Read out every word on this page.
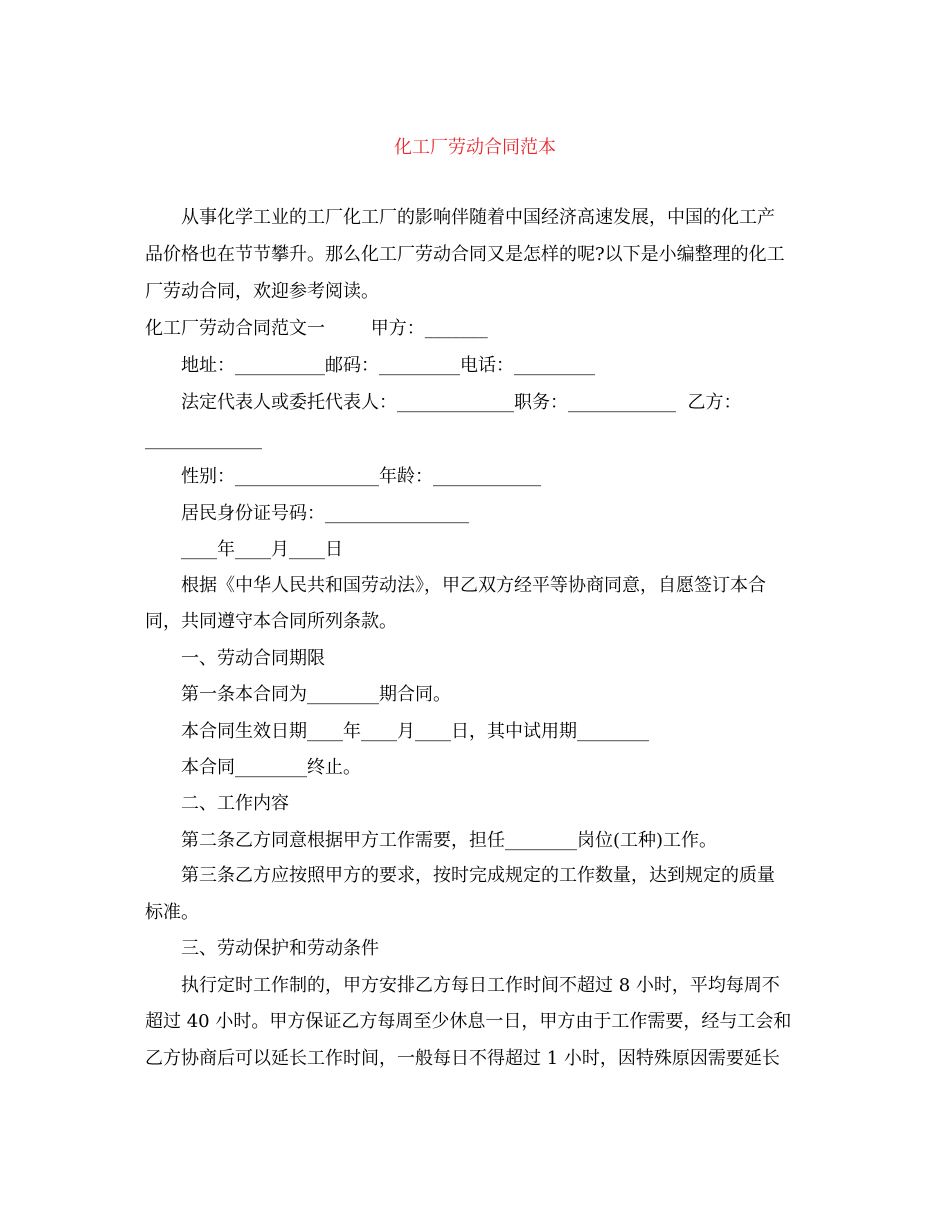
化工厂劳动合同范本
从事化学工业的工厂化工厂的影响伴随着中国经济高速发展，中国的化工产
品价格也在节节攀升。那么化工厂劳动合同又是怎样的呢?以下是小编整理的化工
厂劳动合同，欢迎参考阅读。
化工厂劳动合同范文一        甲方：_______
地址：__________邮码：_________电话：_________
法定代表人或委托代表人：_____________职务：____________  乙方：
_____________
性别：________________年龄：____________
居民身份证号码：________________
____年____月____日
根据《中华人民共和国劳动法》，甲乙双方经平等协商同意，自愿签订本合
同，共同遵守本合同所列条款。
一、劳动合同期限
第一条本合同为________期合同。
本合同生效日期____年____月____日，其中试用期________
本合同________终止。
二、工作内容
第二条乙方同意根据甲方工作需要，担任________岗位(工种)工作。
第三条乙方应按照甲方的要求，按时完成规定的工作数量，达到规定的质量
标准。
三、劳动保护和劳动条件
执行定时工作制的，甲方安排乙方每日工作时间不超过 8 小时，平均每周不
超过 40 小时。甲方保证乙方每周至少休息一日，甲方由于工作需要，经与工会和
乙方协商后可以延长工作时间，一般每日不得超过 1 小时，因特殊原因需要延长
